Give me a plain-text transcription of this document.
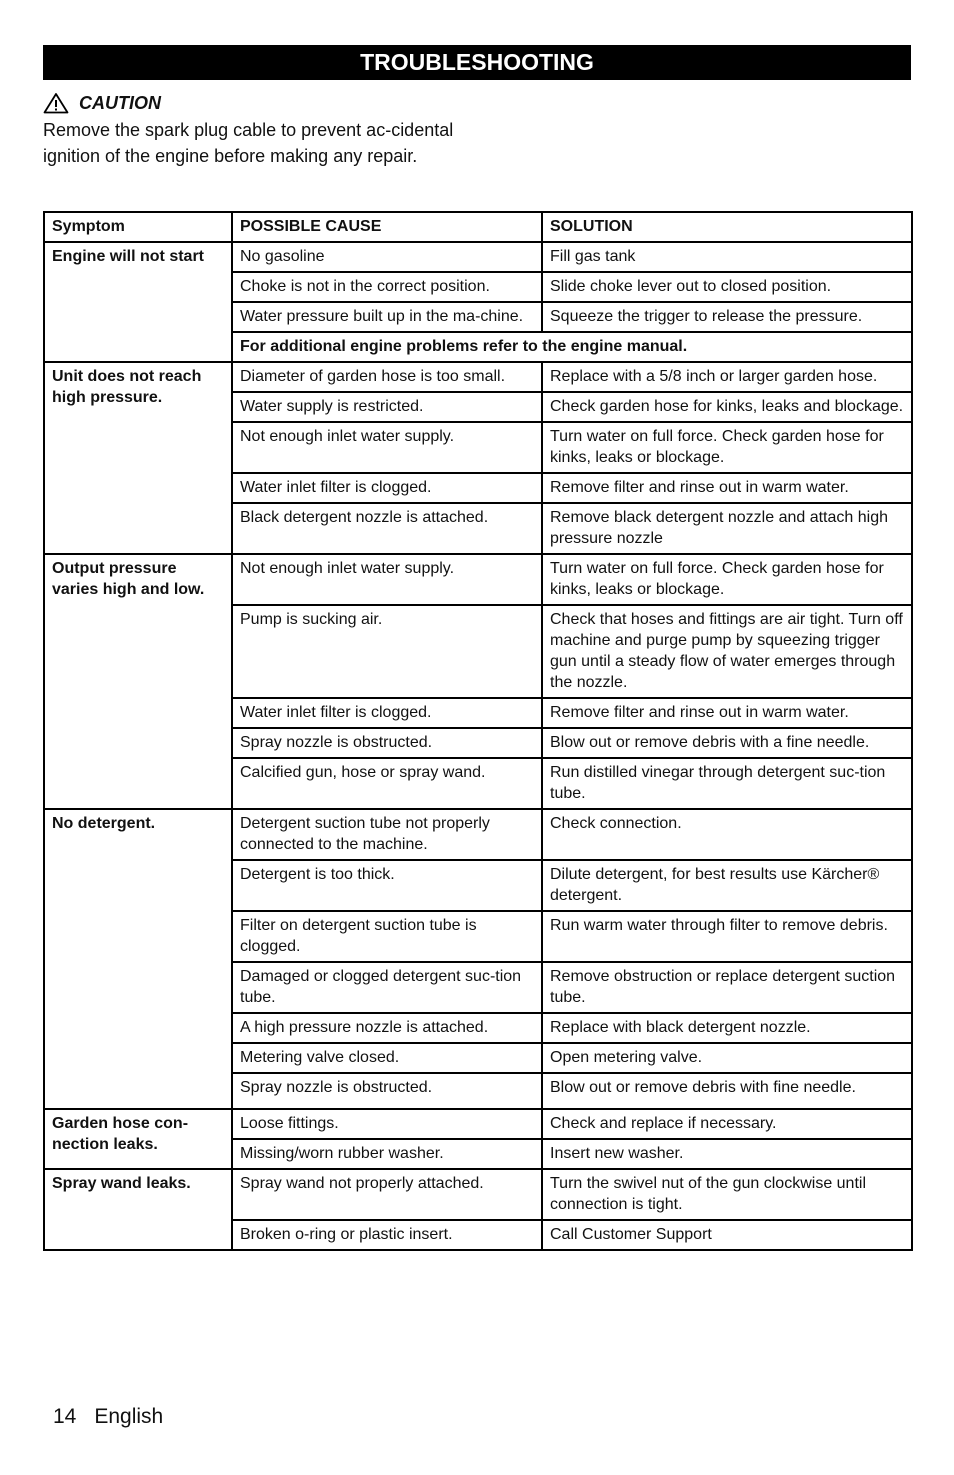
TROUBLESHOOTING
CAUTION

Remove the spark plug cable to prevent ac-cidental ignition of the engine before making any repair.

Symptom	POSSIBLE CAUSE	SOLUTION
Engine will not start	No gasoline	Fill gas tank
	Choke is not in the correct position.	Slide choke lever out to closed position.
	Water pressure built up in the ma-chine.	Squeeze the trigger to release the pressure.
	For additional engine problems refer to the engine manual.	
Unit does not reach high pressure.	Diameter of garden hose is too small.	Replace with a 5/8 inch or larger garden hose.
	Water supply is restricted.	Check garden hose for kinks, leaks and blockage.
	Not enough inlet water supply.	Turn water on full force. Check garden hose for kinks, leaks or blockage.
	Water inlet filter is clogged.	Remove filter and rinse out in warm water.
	Black detergent nozzle is attached.	Remove black detergent nozzle and attach high pressure nozzle
Output pressure varies high and low.	Not enough inlet water supply.	Turn water on full force. Check garden hose for kinks, leaks or blockage.
	Pump is sucking air.	Check that hoses and fittings are air tight. Turn off machine and purge pump by squeezing trigger gun until a steady flow of water emerges through the nozzle.
	Water inlet filter is clogged.	Remove filter and rinse out in warm water.
	Spray nozzle is obstructed.	Blow out or remove debris with a fine needle.
	Calcified gun, hose or spray wand.	Run distilled vinegar through detergent suc-tion tube.
No detergent.	Detergent suction tube not properly connected to the machine.	Check connection.
	Detergent is too thick.	Dilute detergent, for best results use Kärcher® detergent.
	Filter on detergent suction tube is clogged.	Run warm water through filter to remove debris.
	Damaged or clogged detergent suc-tion tube.	Remove obstruction or replace detergent suction tube.
	A high pressure nozzle is attached.	Replace with black detergent nozzle.
	Metering valve closed.	Open metering valve.
	Spray nozzle is obstructed.	Blow out or remove debris with fine needle.
Garden hose con-nection leaks.	Loose fittings.	Check and replace if necessary.
	Missing/worn rubber washer.	Insert new washer.
Spray wand leaks.	Spray wand not properly attached.	Turn the swivel nut of the gun clockwise until connection is tight.
	Broken o-ring or plastic insert.	Call Customer Support
14 English
